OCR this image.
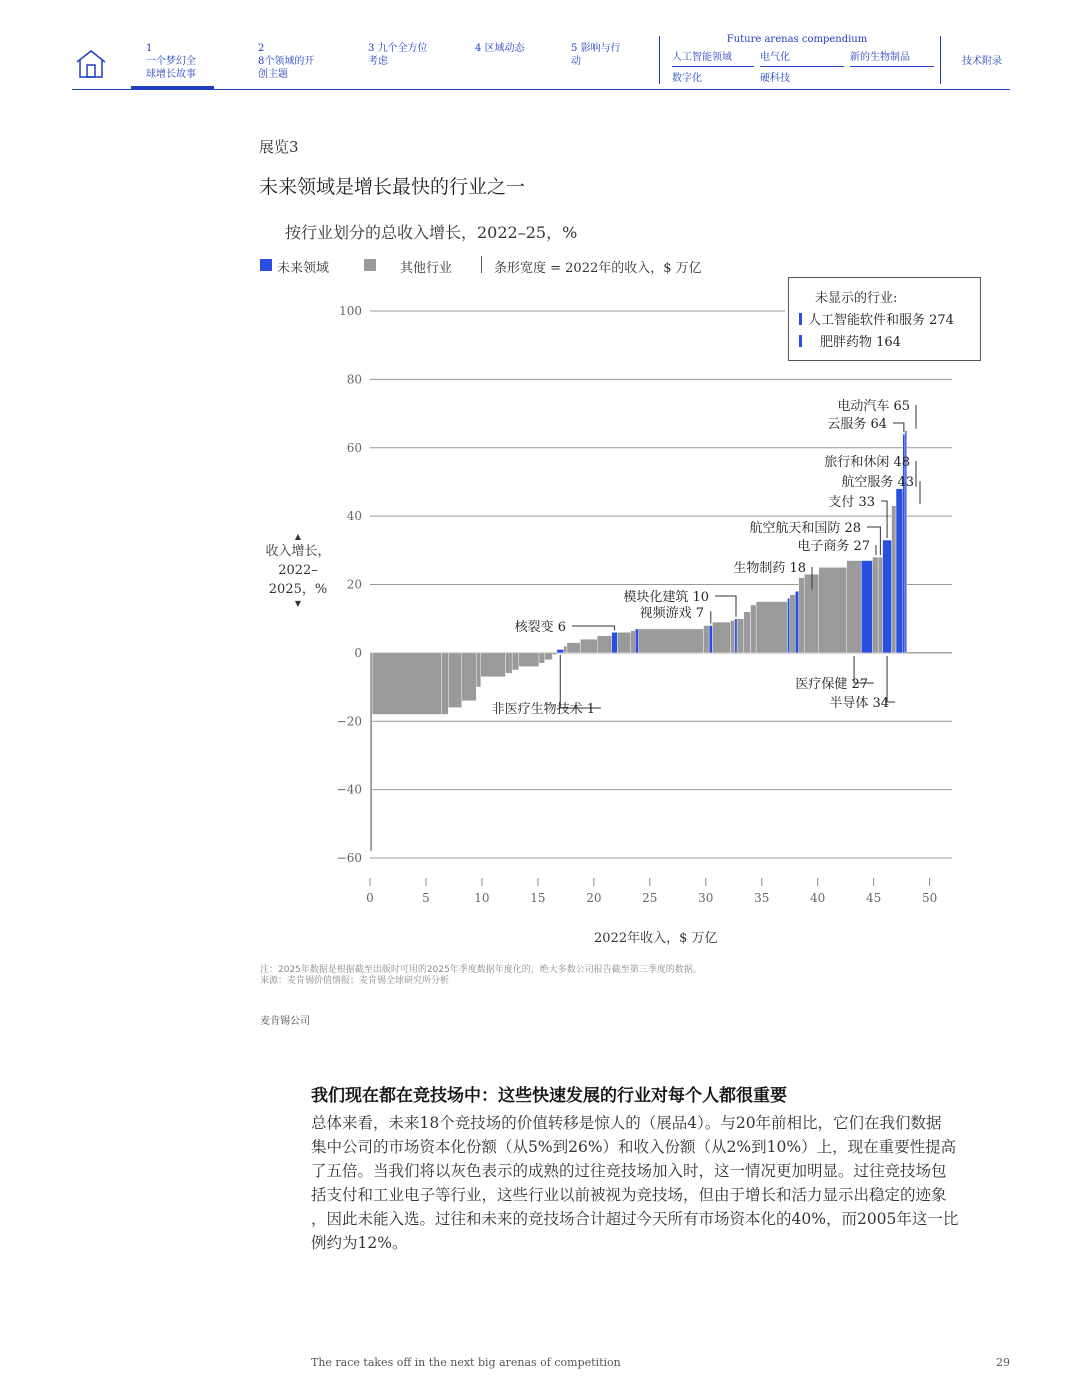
1
一个梦幻全球增长故事
2
8个领域的开创主题
3 九个全方位考虑
4 区域动态	5 影响与行动
Future arenas compendium
人工智能领域	电气化	新的生物制品
数字化	硬科技
技术附录
展览3
未来领域是增长最快的行业之一
按行业划分的总收入增长，2022–25，%
未来领域	其他行业	条形宽度 = 2022年的收入，$ 万亿
电动汽车 65
云服务 64
旅行和休闲 48
航空服务 43
支付 33
航空航天和国防 28
电子商务 27
生物制药 18
模块化建筑 10
视频游戏 7
核裂变 6
非医疗生物技术 1
医疗保健 27
半导体 34
100
80
60
40
20
0
−20
−40
−60
0	5	10	15	20	25	30	35	40	45	50
▲
收入增长，2022–2025，%
▼
未显示的行业:
人工智能软件和服务 274
肥胖药物 164
2022年收入，$ 万亿
注：2025年数据是根据截至出版时可用的2025年季度数据年度化的，绝大多数公司报告截至第三季度的数据。
来源：麦肯锡价值情报；麦肯锡全球研究所分析
麦肯锡公司
我们现在都在竞技场中：这些快速发展的行业对每个人都很重要
总体来看，未来18个竞技场的价值转移是惊人的（展品4）。与20年前相比，它们在我们数据
集中公司的市场资本化份额（从5%到26%）和收入份额（从2%到10%）上，现在重要性提高
了五倍。当我们将以灰色表示的成熟的过往竞技场加入时，这一情况更加明显。过往竞技场包
括支付和工业电子等行业，这些行业以前被视为竞技场，但由于增长和活力显示出稳定的迹象
，因此未能入选。过往和未来的竞技场合计超过今天所有市场资本化的40%，而2005年这一比
例约为12%。
The race takes off in the next big arenas of competition	29
